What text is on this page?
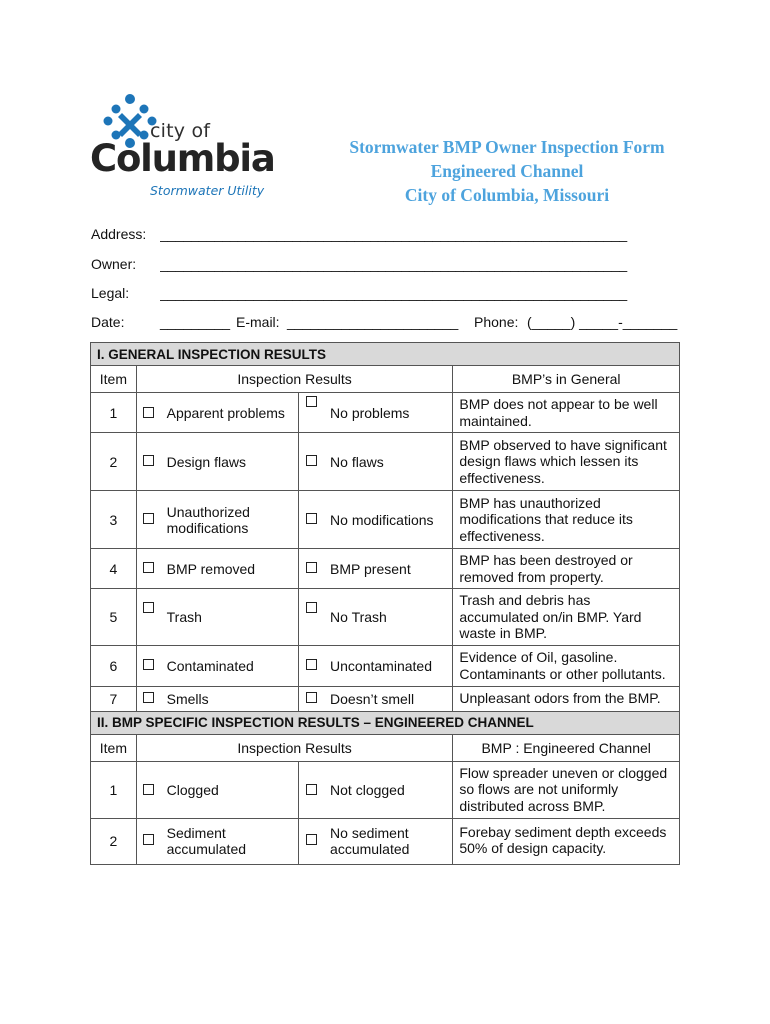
city of
Columbia
Stormwater Utility
Stormwater BMP Owner Inspection Form
Engineered Channel
City of Columbia, Missouri
Address: ____________________________________________________________
Owner: ____________________________________________________________
Legal: ____________________________________________________________
Date:	_________ E-mail: ______________________ Phone: (_____) _____-_______
I. GENERAL INSPECTION RESULTS					
Item	Inspection Results				BMP’s in General
1		Apparent problems		No problems	BMP does not appear to be well maintained.
2		Design flaws		No flaws	BMP observed to have significant design flaws which lessen its effectiveness.
3		Unauthorized modifications		No modifications	BMP has unauthorized modifications that reduce its effectiveness.
4		BMP removed		BMP present	BMP has been destroyed or removed from property.
5		Trash		No Trash	Trash and debris has accumulated on/in BMP. Yard waste in BMP.
6		Contaminated		Uncontaminated	Evidence of Oil, gasoline. Contaminants or other pollutants.
7		Smells		Doesn’t smell	Unpleasant odors from the BMP.
II. BMP SPECIFIC INSPECTION RESULTS – ENGINEERED CHANNEL					
Item	Inspection Results				BMP : Engineered Channel
1		Clogged		Not clogged	Flow spreader uneven or clogged so flows are not uniformly distributed across BMP.
2		Sediment accumulated		No sediment accumulated	Forebay sediment depth exceeds 50% of design capacity.
